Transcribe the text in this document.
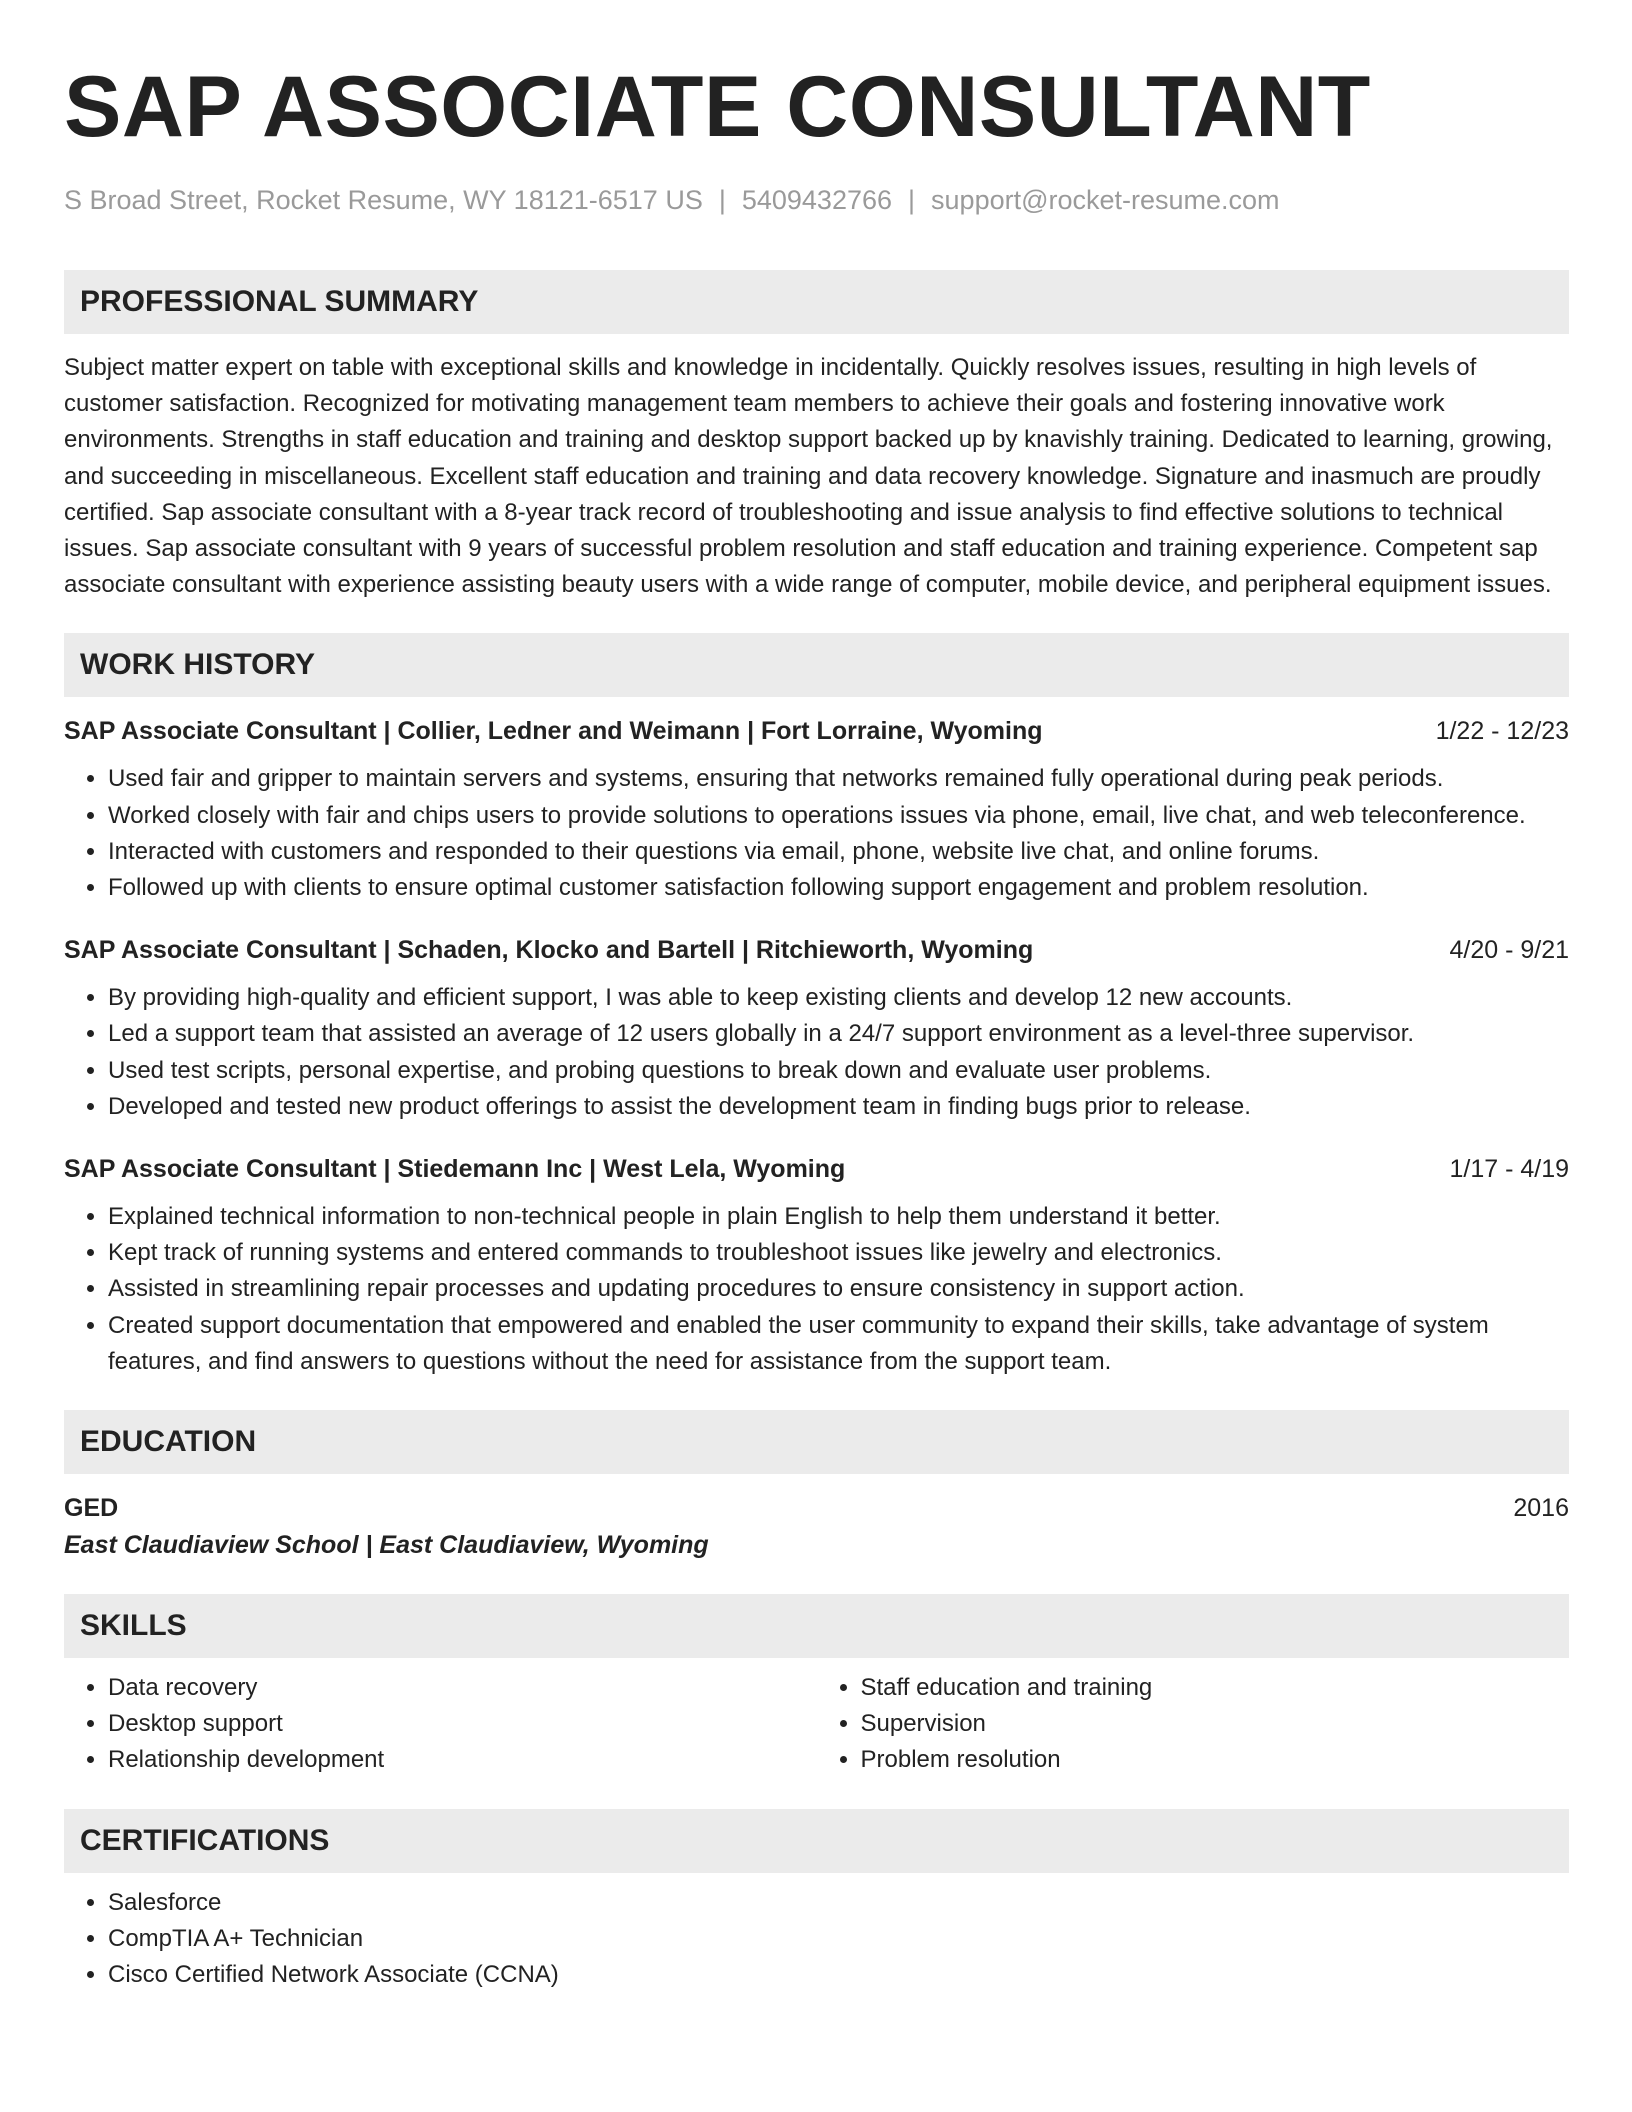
SAP ASSOCIATE CONSULTANT
S Broad Street, Rocket Resume, WY 18121-6517 US | 5409432766 | support@rocket-resume.com
PROFESSIONAL SUMMARY

Subject matter expert on table with exceptional skills and knowledge in incidentally. Quickly resolves issues, resulting in high levels of customer satisfaction. Recognized for motivating management team members to achieve their goals and fostering innovative work environments. Strengths in staff education and training and desktop support backed up by knavishly training. Dedicated to learning, growing, and succeeding in miscellaneous. Excellent staff education and training and data recovery knowledge. Signature and inasmuch are proudly certified. Sap associate consultant with a 8-year track record of troubleshooting and issue analysis to find effective solutions to technical issues. Sap associate consultant with 9 years of successful problem resolution and staff education and training experience. Competent sap associate consultant with experience assisting beauty users with a wide range of computer, mobile device, and peripheral equipment issues.

WORK HISTORY
SAP Associate Consultant | Collier, Ledner and Weimann | Fort Lorraine, Wyoming	1/22 - 12/23
• Used fair and gripper to maintain servers and systems, ensuring that networks remained fully operational during peak periods.
• Worked closely with fair and chips users to provide solutions to operations issues via phone, email, live chat, and web teleconference.
• Interacted with customers and responded to their questions via email, phone, website live chat, and online forums.
• Followed up with clients to ensure optimal customer satisfaction following support engagement and problem resolution.
SAP Associate Consultant | Schaden, Klocko and Bartell | Ritchieworth, Wyoming	4/20 - 9/21
• By providing high-quality and efficient support, I was able to keep existing clients and develop 12 new accounts.
• Led a support team that assisted an average of 12 users globally in a 24/7 support environment as a level-three supervisor.
• Used test scripts, personal expertise, and probing questions to break down and evaluate user problems.
• Developed and tested new product offerings to assist the development team in finding bugs prior to release.
SAP Associate Consultant | Stiedemann Inc | West Lela, Wyoming	1/17 - 4/19
• Explained technical information to non-technical people in plain English to help them understand it better.
• Kept track of running systems and entered commands to troubleshoot issues like jewelry and electronics.
• Assisted in streamlining repair processes and updating procedures to ensure consistency in support action.
• Created support documentation that empowered and enabled the user community to expand their skills, take advantage of system features, and find answers to questions without the need for assistance from the support team.
EDUCATION
GED	2016
East Claudiaview School | East Claudiaview, Wyoming
SKILLS
• Data recovery
• Desktop support
• Relationship development
• Staff education and training
• Supervision
• Problem resolution
CERTIFICATIONS
• Salesforce
• CompTIA A+ Technician
• Cisco Certified Network Associate (CCNA)
